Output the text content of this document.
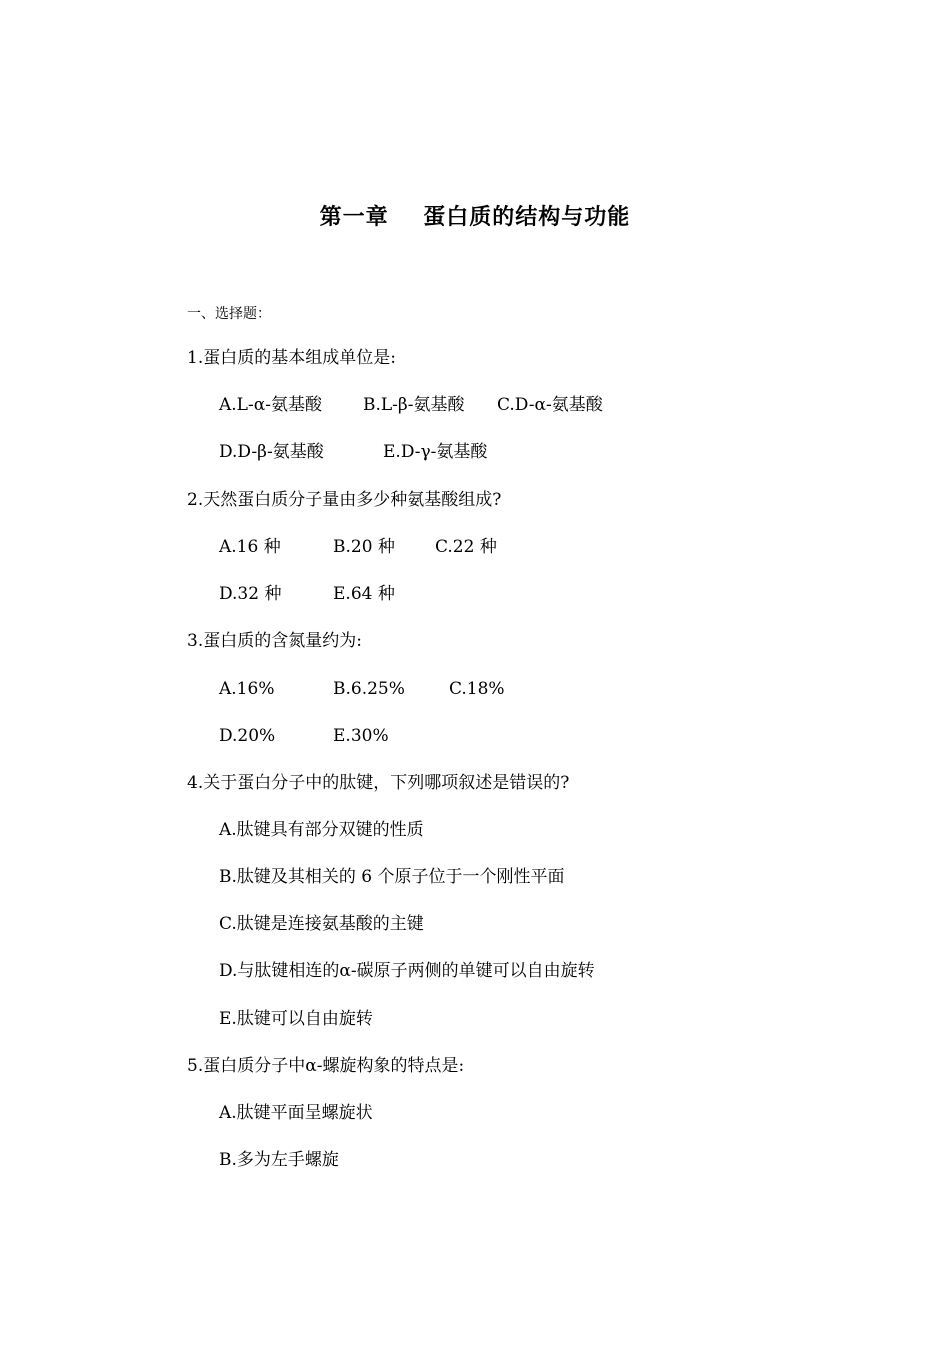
第一章    蛋白质的结构与功能
一、选择题：
1.蛋白质的基本组成单位是:
A.L-α-氨基酸 B.L-β-氨基酸 C.D-α-氨基酸
D.D-β-氨基酸	E.D-γ-氨基酸
2.天然蛋白质分子量由多少种氨基酸组成?
A.16 种	B.20 种 C.22 种
D.32 种	E.64 种
3.蛋白质的含氮量约为:
A.16%	B.6.25%	C.18%
D.20%	E.30%
4.关于蛋白分子中的肽键，下列哪项叙述是错误的?
A.肽键具有部分双键的性质
B.肽键及其相关的 6 个原子位于一个刚性平面
C.肽键是连接氨基酸的主键
D.与肽键相连的α-碳原子两侧的单键可以自由旋转
E.肽键可以自由旋转
5.蛋白质分子中α-螺旋构象的特点是:
A.肽键平面呈螺旋状
B.多为左手螺旋
